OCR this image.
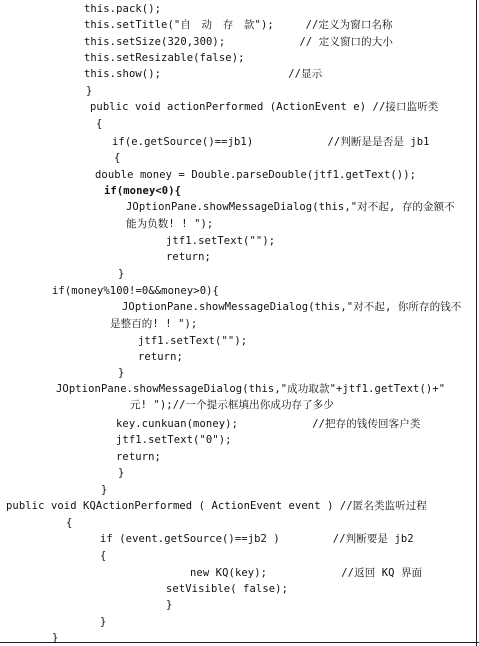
this.pack();
this.setTitle("自　动　存　款");　　　//定义为窗口名称
this.setSize(320,300);　　　　　　　// 定义窗口的大小
this.setResizable(false);
this.show();　　　　　　　　　　　　//显示
}
public void actionPerformed (ActionEvent e) //接口监听类
{
if(e.getSource()==jb1)　　　　　　　//判断是是否是 jb1
{
double money = Double.parseDouble(jtf1.getText());
if(money<0){
JOptionPane.showMessageDialog(this,"对不起, 存的金额不
能为负数! ! ");
jtf1.setText("");
return;
}
if(money%100!=0&&money>0){
JOptionPane.showMessageDialog(this,"对不起, 你所存的钱不
是整百的! ! ");
jtf1.setText("");
return;
}
JOptionPane.showMessageDialog(this,"成功取款"+jtf1.getText()+"
元! ");//一个提示框填出你成功存了多少
key.cunkuan(money);　　　　　　　//把存的钱传回客户类
jtf1.setText("0");
return;
}
}
public void KQActionPerformed ( ActionEvent event ) //匿名类监听过程
{
if (event.getSource()==jb2 )　　　　　//判断要是 jb2
{
new KQ(key);　　　　　　　//返回 KQ 界面
setVisible( false);
}
}
}
